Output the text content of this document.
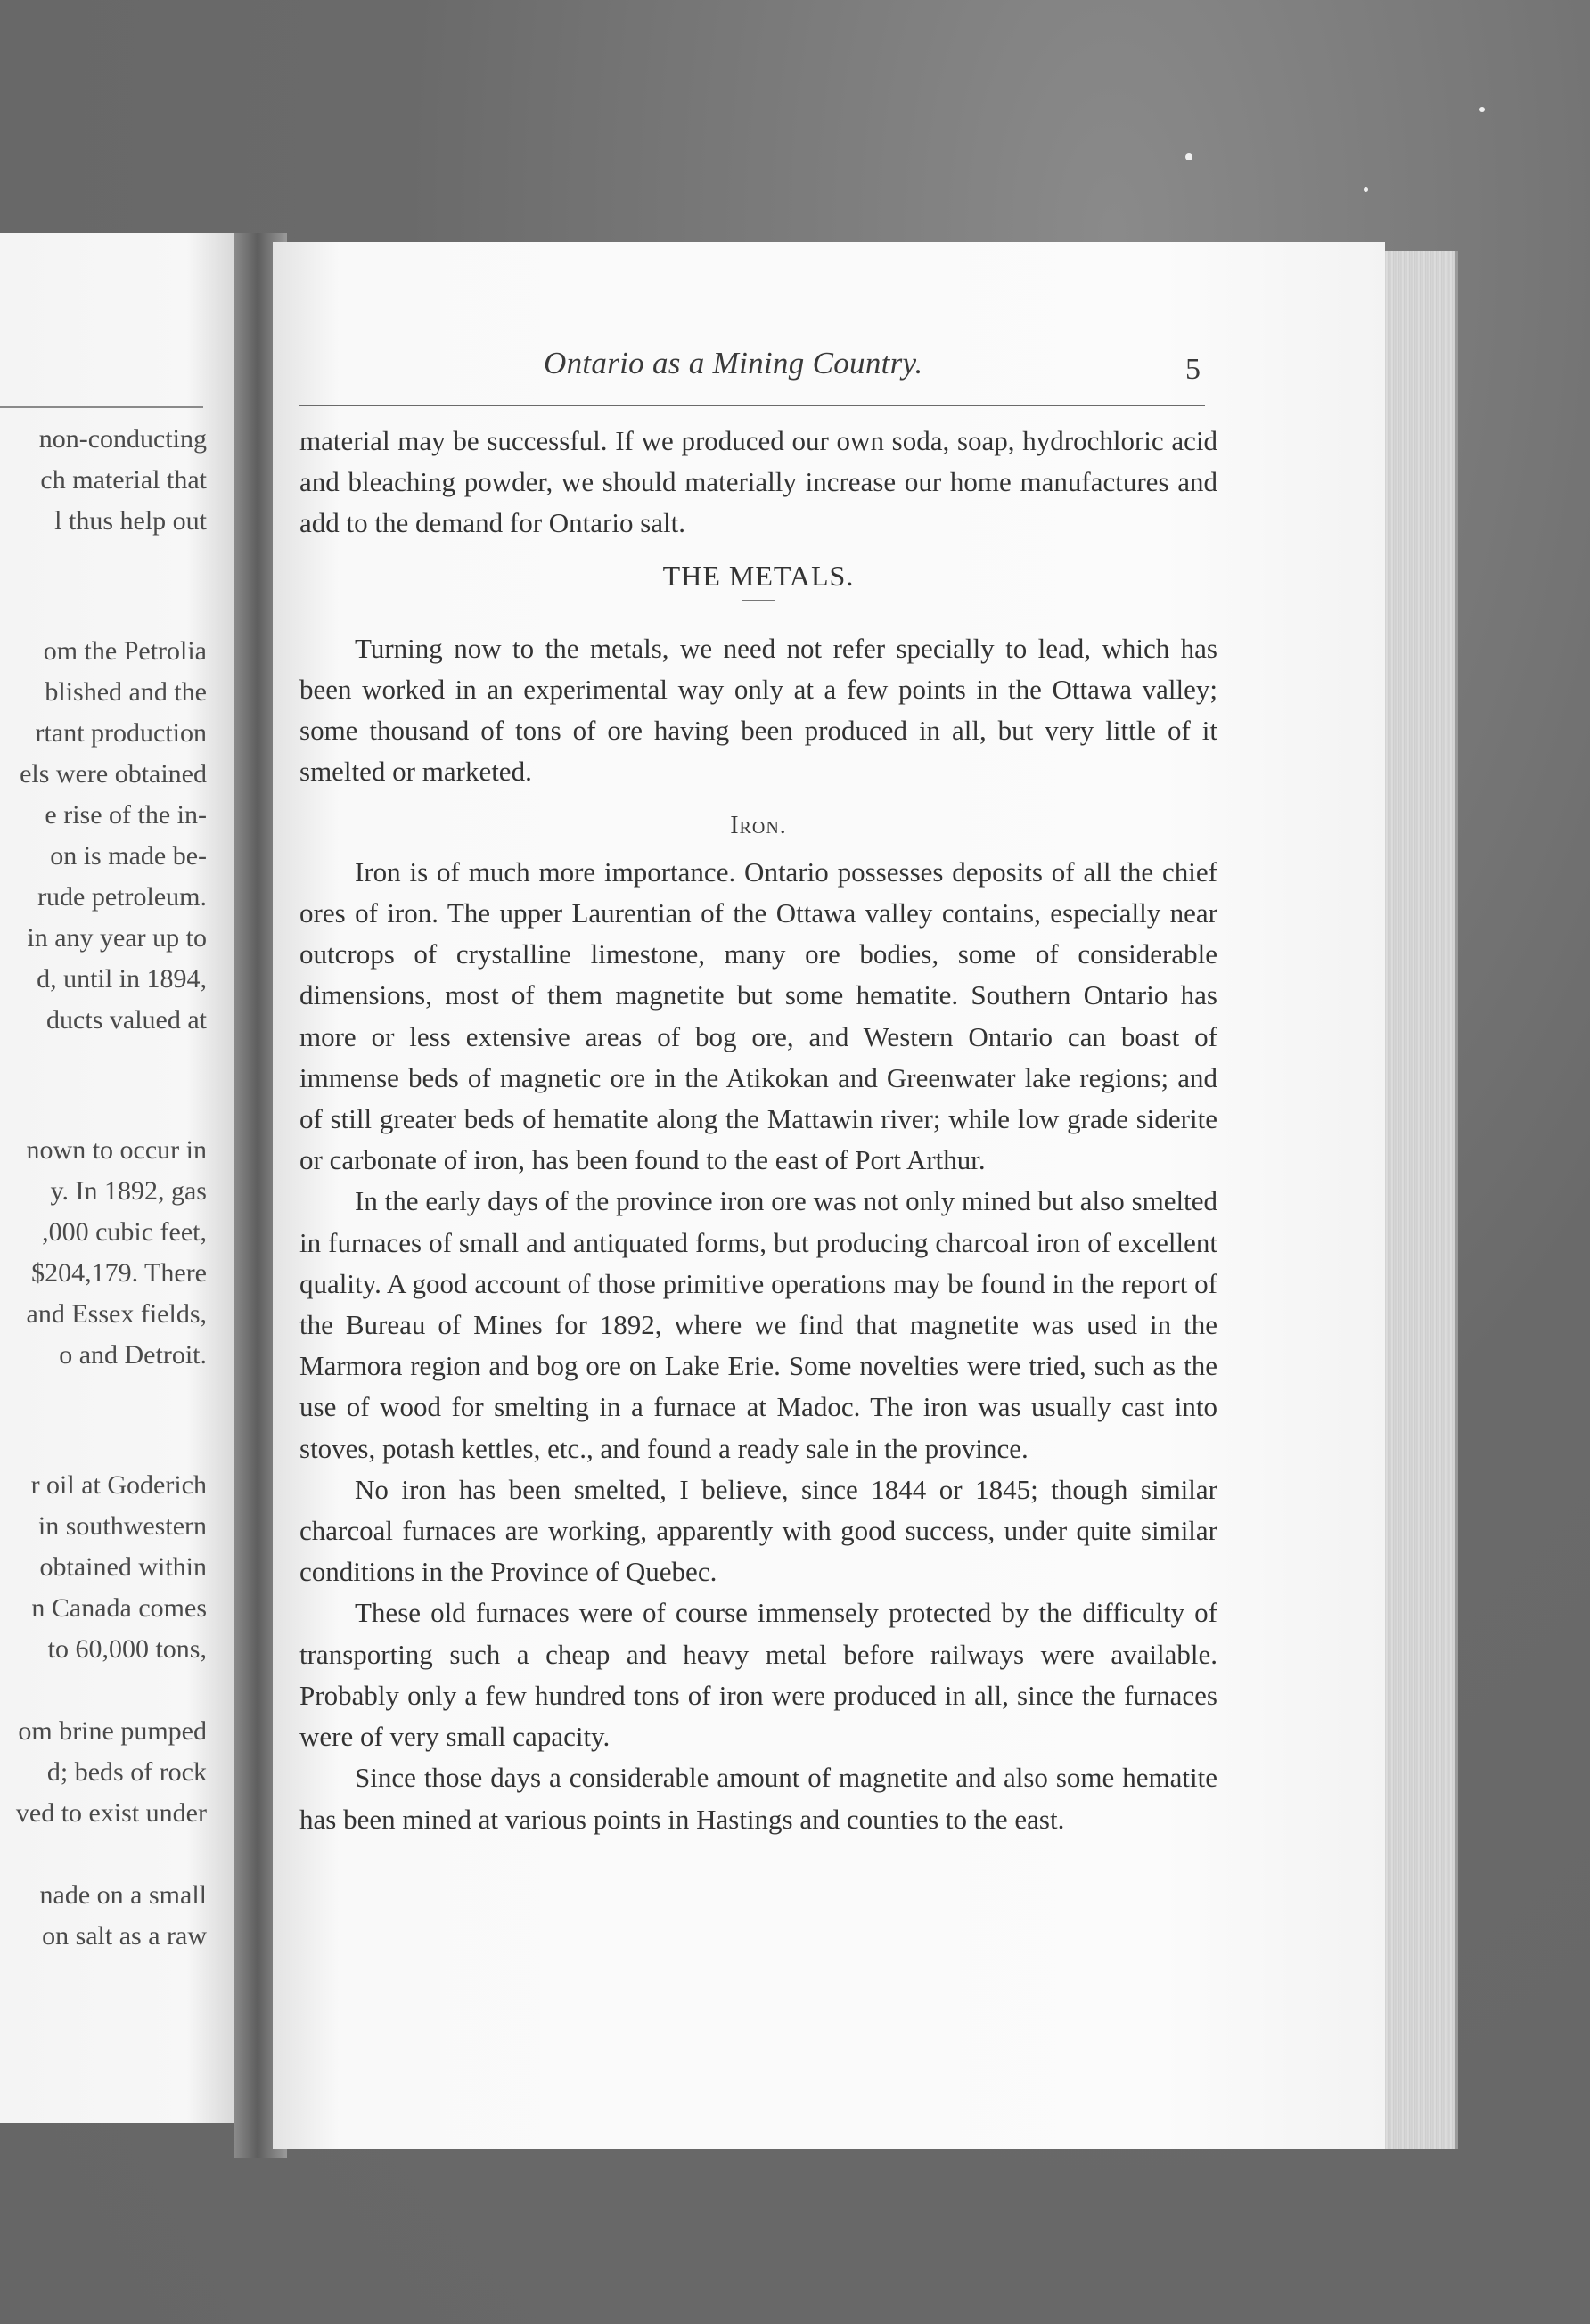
non-conducting
ch material that
l thus help out
om the Petrolia
blished and the
rtant production
els were obtained
e rise of the in-
on is made be-
rude petroleum.
in any year up to
d, until in 1894,
ducts valued at
nown to occur in
y. In 1892, gas
,000 cubic feet,
$204,179. There
and Essex fields,
o and Detroit.
r oil at Goderich
in southwestern
obtained within
n Canada comes
to 60,000 tons,
om brine pumped
d; beds of rock
ved to exist under
nade on a small
on salt as a raw
Ontario as a Mining Country.	5

material may be successful. If we produced our own soda, soap, hydrochloric acid and bleaching powder, we should materially increase our home manufactures and add to the demand for Ontario salt.

THE METALS.

Turning now to the metals, we need not refer specially to lead, which has been worked in an experimental way only at a few points in the Ottawa valley; some thousand of tons of ore having been produced in all, but very little of it smelted or marketed.

Iron.

Iron is of much more importance. Ontario possesses deposits of all the chief ores of iron. The upper Laurentian of the Ottawa valley contains, especially near outcrops of crystalline limestone, many ore bodies, some of considerable dimensions, most of them magnetite but some hematite. Southern Ontario has more or less extensive areas of bog ore, and Western Ontario can boast of immense beds of magnetic ore in the Atikokan and Greenwater lake regions; and of still greater beds of hematite along the Mattawin river; while low grade siderite or carbonate of iron, has been found to the east of Port Arthur.

In the early days of the province iron ore was not only mined but also smelted in furnaces of small and antiquated forms, but producing charcoal iron of excellent quality. A good account of those primitive operations may be found in the report of the Bureau of Mines for 1892, where we find that magnetite was used in the Marmora region and bog ore on Lake Erie. Some novelties were tried, such as the use of wood for smelting in a furnace at Madoc. The iron was usually cast into stoves, potash kettles, etc., and found a ready sale in the province.

No iron has been smelted, I believe, since 1844 or 1845; though similar charcoal furnaces are working, apparently with good success, under quite similar conditions in the Province of Quebec.

These old furnaces were of course immensely protected by the difficulty of transporting such a cheap and heavy metal before railways were available. Probably only a few hundred tons of iron were produced in all, since the furnaces were of very small capacity.

Since those days a considerable amount of magnetite and also some hematite has been mined at various points in Hastings and counties to the east.
